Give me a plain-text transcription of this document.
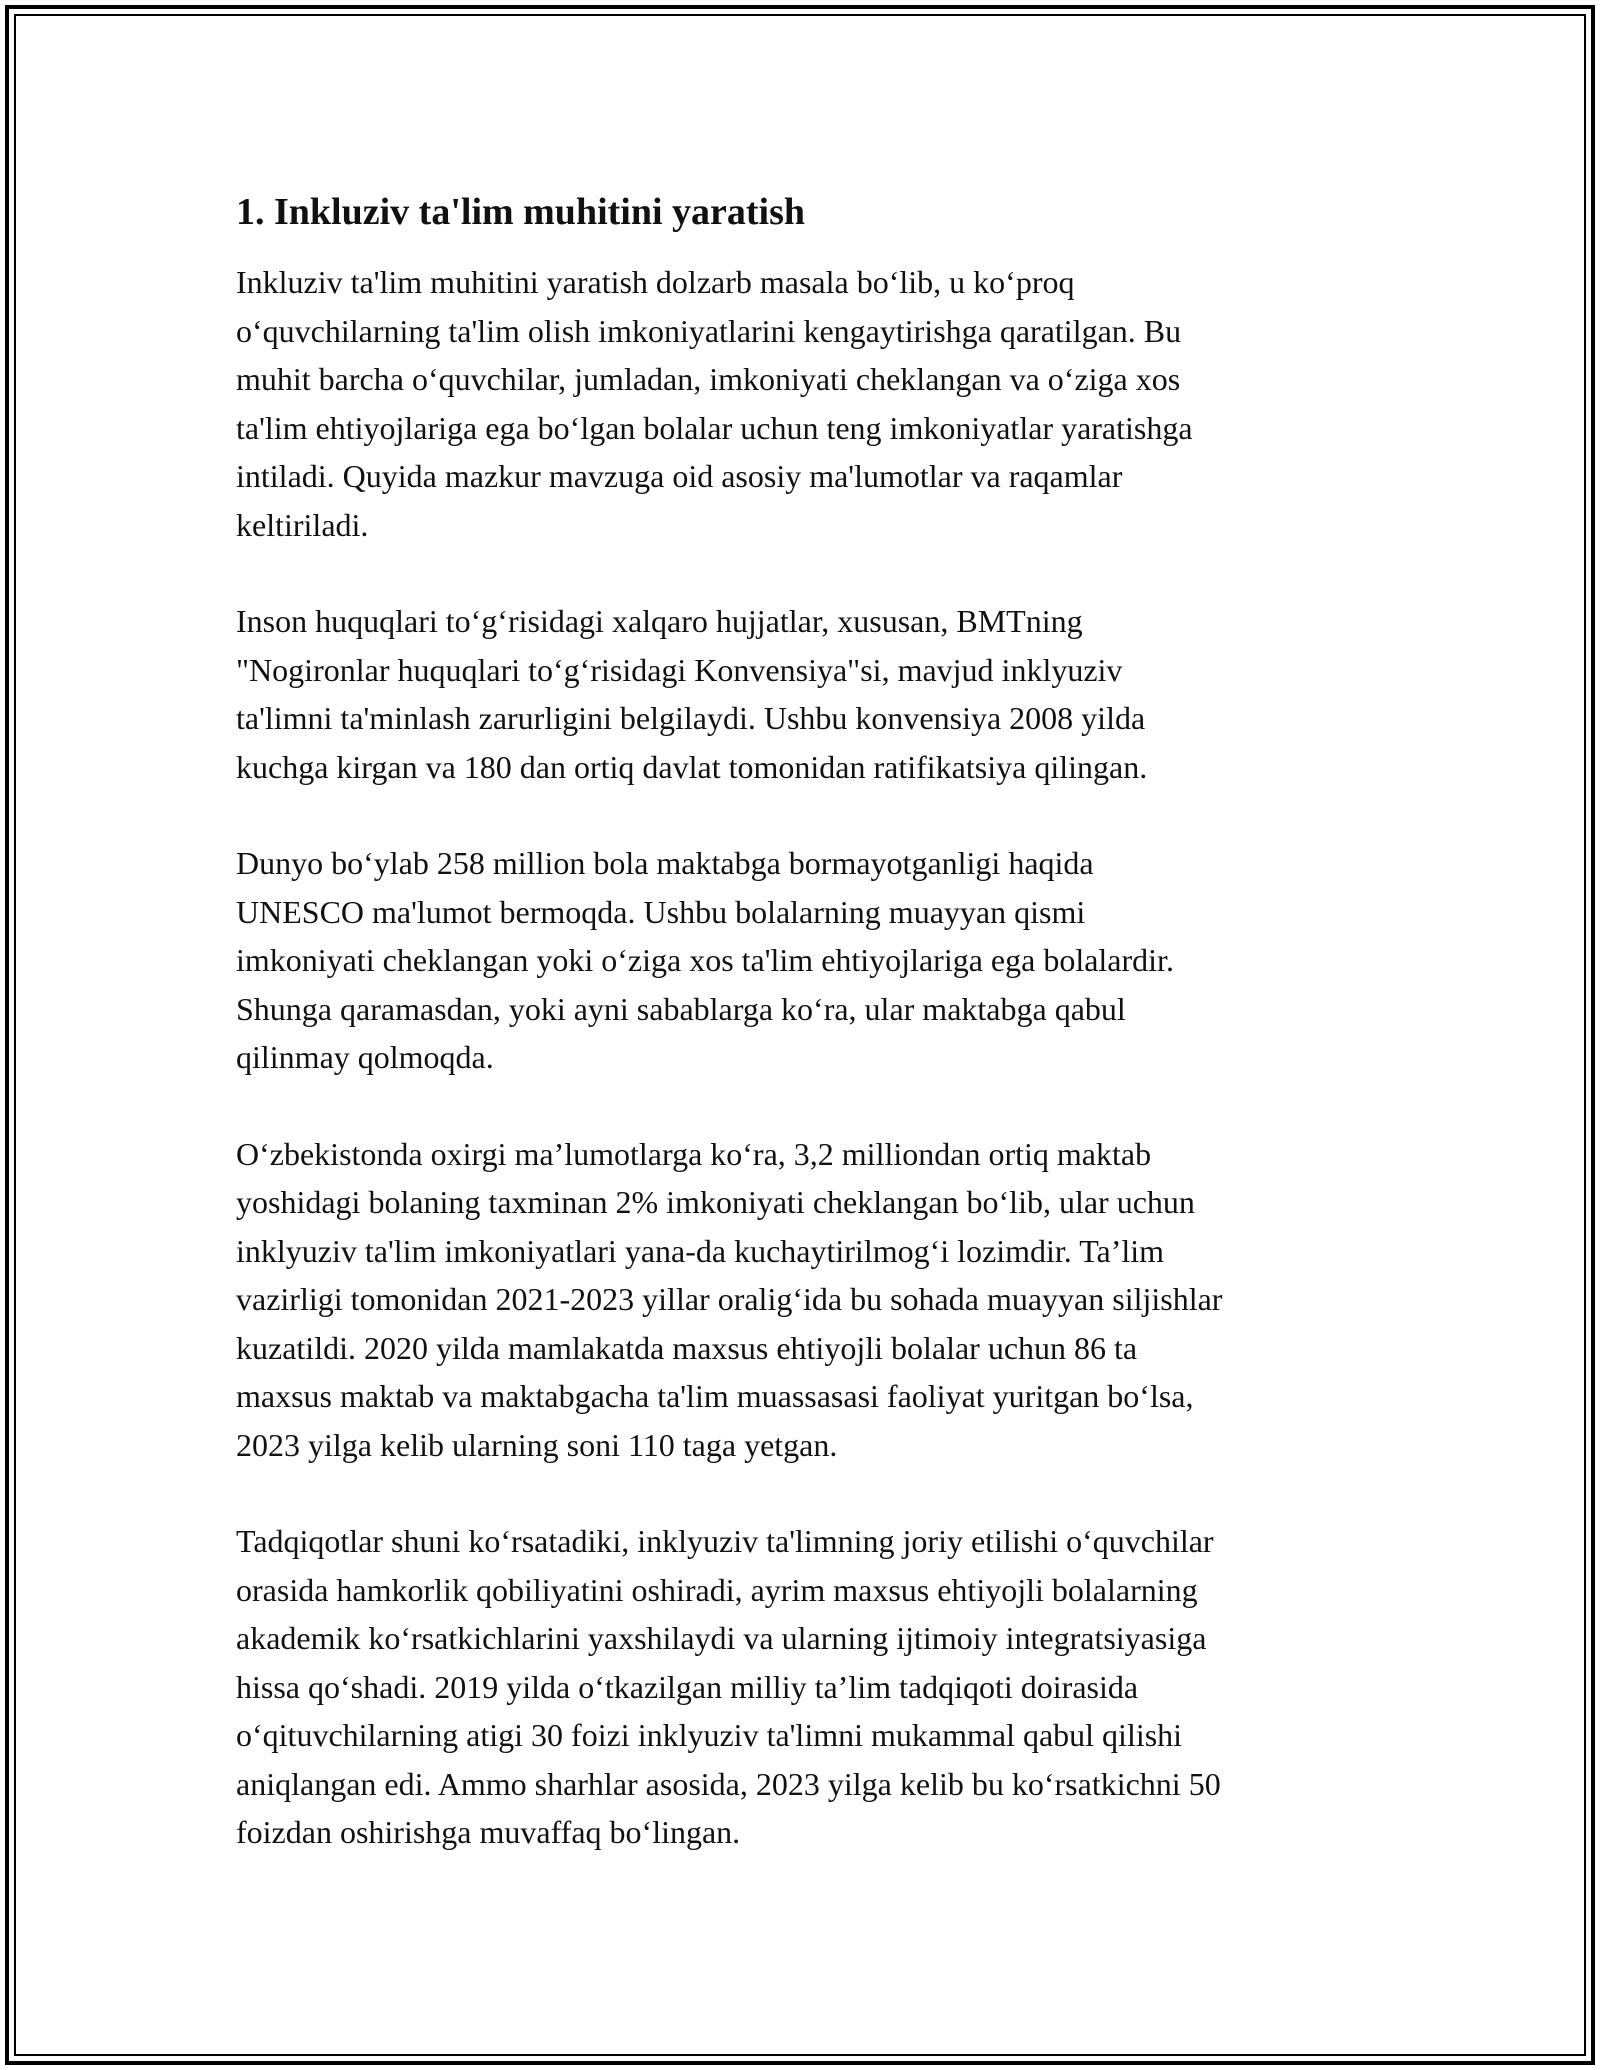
1. Inkluziv ta'lim muhitini yaratish

Inkluziv ta'lim muhitini yaratish dolzarb masala boʻlib, u koʻproq
oʻquvchilarning ta'lim olish imkoniyatlarini kengaytirishga qaratilgan. Bu
muhit barcha oʻquvchilar, jumladan, imkoniyati cheklangan va oʻziga xos
ta'lim ehtiyojlariga ega boʻlgan bolalar uchun teng imkoniyatlar yaratishga
intiladi. Quyida mazkur mavzuga oid asosiy ma'lumotlar va raqamlar
keltiriladi.

Inson huquqlari toʻgʻrisidagi xalqaro hujjatlar, xususan, BMTning
"Nogironlar huquqlari toʻgʻrisidagi Konvensiya"si, mavjud inklyuziv
ta'limni ta'minlash zarurligini belgilaydi. Ushbu konvensiya 2008 yilda
kuchga kirgan va 180 dan ortiq davlat tomonidan ratifikatsiya qilingan.

Dunyo boʻylab 258 million bola maktabga bormayotganligi haqida
UNESCO ma'lumot bermoqda. Ushbu bolalarning muayyan qismi
imkoniyati cheklangan yoki oʻziga xos ta'lim ehtiyojlariga ega bolalardir.
Shunga qaramasdan, yoki ayni sabablarga koʻra, ular maktabga qabul
qilinmay qolmoqda.

Oʻzbekistonda oxirgi ma’lumotlarga koʻra, 3,2 milliondan ortiq maktab
yoshidagi bolaning taxminan 2% imkoniyati cheklangan boʻlib, ular uchun
inklyuziv ta'lim imkoniyatlari yana-da kuchaytirilmogʻi lozimdir. Ta’lim
vazirligi tomonidan 2021-2023 yillar oraligʻida bu sohada muayyan siljishlar
kuzatildi. 2020 yilda mamlakatda maxsus ehtiyojli bolalar uchun 86 ta
maxsus maktab va maktabgacha ta'lim muassasasi faoliyat yuritgan boʻlsa,
2023 yilga kelib ularning soni 110 taga yetgan.

Tadqiqotlar shuni koʻrsatadiki, inklyuziv ta'limning joriy etilishi oʻquvchilar
orasida hamkorlik qobiliyatini oshiradi, ayrim maxsus ehtiyojli bolalarning
akademik koʻrsatkichlarini yaxshilaydi va ularning ijtimoiy integratsiyasiga
hissa qoʻshadi. 2019 yilda oʻtkazilgan milliy ta’lim tadqiqoti doirasida
oʻqituvchilarning atigi 30 foizi inklyuziv ta'limni mukammal qabul qilishi
aniqlangan edi. Ammo sharhlar asosida, 2023 yilga kelib bu koʻrsatkichni 50
foizdan oshirishga muvaffaq boʻlingan.
